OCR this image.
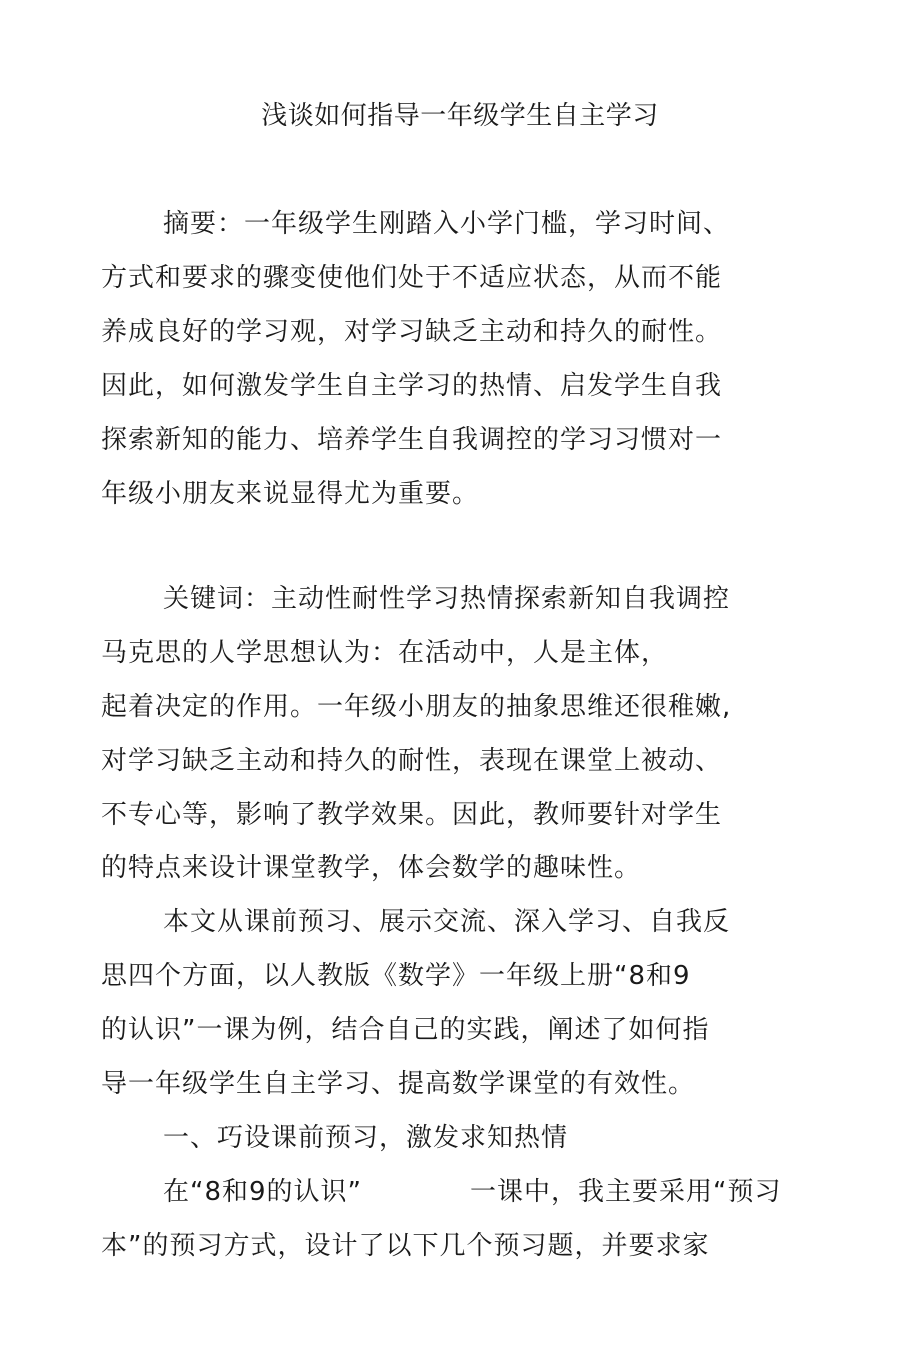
浅谈如何指导一年级学生自主学习
摘要：一年级学生刚踏入小学门槛，学习时间、
方式和要求的骤变使他们处于不适应状态，从而不能
养成良好的学习观，对学习缺乏主动和持久的耐性。
因此，如何激发学生自主学习的热情、启发学生自我
探索新知的能力、培养学生自我调控的学习习惯对一
年级小朋友来说显得尤为重要。
关键词：主动性耐性学习热情探索新知自我调控
马克思的人学思想认为：在活动中，人是主体，
起着决定的作用。一年级小朋友的抽象思维还很稚嫩,
对学习缺乏主动和持久的耐性，表现在课堂上被动、
不专心等，影响了教学效果。因此，教师要针对学生
的特点来设计课堂教学，体会数学的趣味性。
本文从课前预习、展示交流、深入学习、自我反
思四个方面，以人教版《数学》一年级上册“8和9
的认识”一课为例，结合自己的实践，阐述了如何指
导一年级学生自主学习、提高数学课堂的有效性。
一、巧设课前预习，激发求知热情
在“8和9的认识”　　　　一课中，我主要采用“预习
本”的预习方式，设计了以下几个预习题，并要求家
